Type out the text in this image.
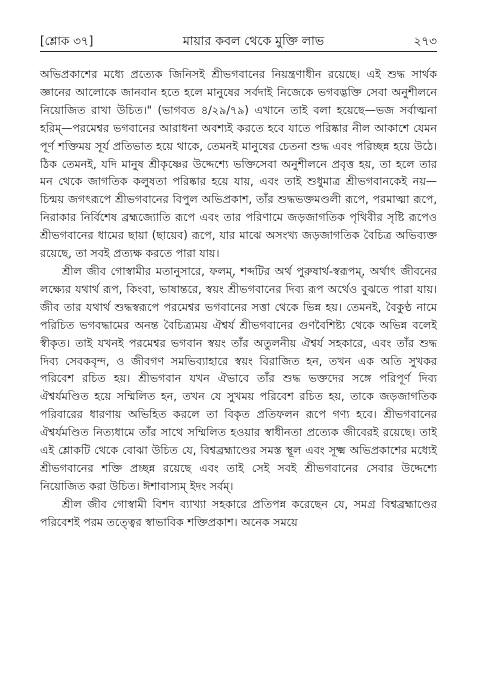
[শ্লোক ৩৭]	মায়ার কবল থেকে মুক্তি লাভ	২৭৩

অভিপ্রকাশের মধ্যে প্রত্যেক জিনিসই শ্রীভগবানের নিয়ন্ত্রণাধীন রয়েছে। এই শুদ্ধ সার্থক জ্ঞানের আলোকে জানবান হতে হলে মানুষের সর্বদাই নিজেকে ভগবদ্ভক্তি সেবা অনুশীলনে নিয়োজিত রাখা উচিত।" (ভাগবত ৪/২৯/৭৯) এখানে তাই বলা হয়েছে—ভজ সর্বাত্মনা হরিম্—পরমেশ্বর ভগবানের আরাধনা অবশ্যই করতে হবে যাতে পরিষ্কার নীল আকাশে যেমন পূর্ণ শক্তিময় সূর্য প্রতিভাত হয়ে থাকে, তেমনই মানুষের চেতনা শুদ্ধ এবং পরিচ্ছন্ন হয়ে উঠে। ঠিক তেমনই, যদি মানুষ শ্রীকৃষ্ণের উদ্দেশ্যে ভক্তিসেবা অনুশীলনে প্রবৃত্ত হয়, তা হলে তার মন থেকে জাগতিক কলুষতা পরিষ্কার হয়ে যায়, এবং তাই শুধুমাত্র শ্রীভগবানকেই নয়—চিন্ময় জগৎরূপে শ্রীভগবানের বিপুল অভিপ্রকাশ, তাঁর শুদ্ধভক্তমণ্ডলী রূপে, পরমাত্মা রূপে, নিরাকার নির্বিশেষ ব্রহ্মজ্যোতি রূপে এবং তার পরিণামে জড়জাগতিক পৃথিবীর সৃষ্টি রূপেও শ্রীভগবানের ধামের ছায়া (ছায়েব) রূপে, যার মাঝে অসংখ্য জড়জাগতিক বৈচিত্র অভিব্যক্ত রয়েছে, তা সবই প্রত্যক্ষ করতে পারা যায়।

শ্রীল জীব গোস্বামীর মতানুসারে, ফলম্, শব্দটির অর্থ পুরুষার্থ-স্বরূপম্, অর্থাৎ জীবনের লক্ষ্যের যথার্থ রূপ, কিংবা, ভাষান্তরে, স্বয়ং শ্রীভগবানের দিব্য রূপ অর্থেও বুঝতে পারা যায়। জীব তার যথার্থ শুদ্ধস্বরূপে পরমেশ্বর ভগবানের সত্তা থেকে ভিন্ন হয়। তেমনই, বৈকুণ্ঠ নামে পরিচিত ভগবদ্ধামের অনন্ত বৈচিত্র্যময় ঐশ্বর্য শ্রীভগবানের গুণবৈশিষ্ট্য থেকে অভিন্ন বলেই স্বীকৃত। তাই যখনই পরমেশ্বর ভগবান স্বয়ং তাঁর অতুলনীয় ঐশ্বর্য সহকারে, এবং তাঁর শুদ্ধ দিব্য সেবকবৃন্দ, ও জীবগণ সমভিব্যাহারে স্বয়ং বিরাজিত হন, তখন এক অতি সুখকর পরিবেশ রচিত হয়। শ্রীভগবান যখন ঐভাবে তাঁর শুদ্ধ ভক্তদের সঙ্গে পরিপূর্ণ দিব্য ঐশ্বর্যমণ্ডিত হয়ে সম্মিলিত হন, তখন যে সুখময় পরিবেশ রচিত হয়, তাকে জড়জাগতিক পরিবারের ধারণায় অভিহিত করলে তা বিকৃত প্রতিফলন রূপে গণ্য হবে। শ্রীভগবানের ঐশ্বর্যমণ্ডিত নিত্যধামে তাঁর সাথে সম্মিলিত হওয়ার স্বাধীনতা প্রত্যেক জীবেরই রয়েছে। তাই এই শ্লোকটি থেকে বোঝা উচিত যে, বিশ্বব্রহ্মাণ্ডের সমস্ত স্থূল এবং সূক্ষ্ম অভিপ্রকাশের মধ্যেই শ্রীভগবানের শক্তি প্রচ্ছন্ন রয়েছে এবং তাই সেই সবই শ্রীভগবানের সেবার উদ্দেশ্যে নিয়োজিত করা উচিত। ঈশাবাস্যম্ ইদং সর্বম্।

শ্রীল জীব গোস্বামী বিশদ ব্যাখ্যা সহকারে প্রতিপন্ন করেছেন যে, সমগ্র বিশ্বব্রহ্মাণ্ডের পরিবেশই পরম তত্ত্বের স্বাভাবিক শক্তিপ্রকাশ। অনেক সময়ে
